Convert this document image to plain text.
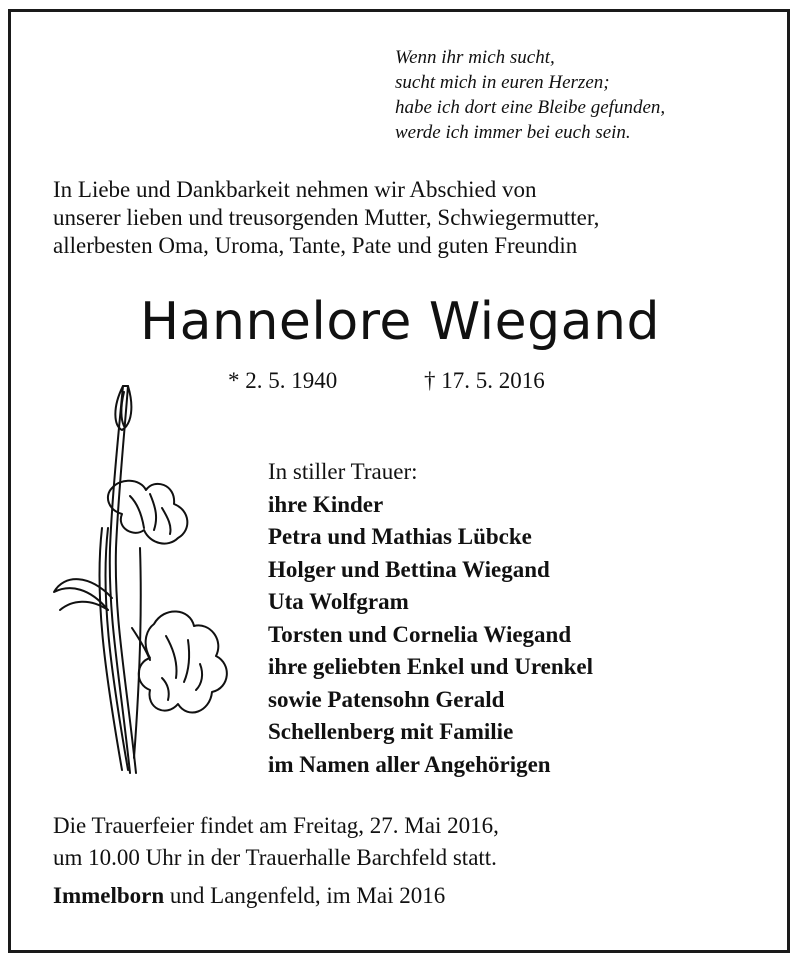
Wenn ihr mich sucht,
sucht mich in euren Herzen;
habe ich dort eine Bleibe gefunden,
werde ich immer bei euch sein.
In Liebe und Dankbarkeit nehmen wir Abschied von
unserer lieben und treusorgenden Mutter, Schwiegermutter,
allerbesten Oma, Uroma, Tante, Pate und guten Freundin
Hannelore Wiegand
* 2. 5. 1940	† 17. 5. 2016
In stiller Trauer:
ihre Kinder
Petra und Mathias Lübcke
Holger und Bettina Wiegand
Uta Wolfgram
Torsten und Cornelia Wiegand
ihre geliebten Enkel und Urenkel
sowie Patensohn Gerald
Schellenberg mit Familie
im Namen aller Angehörigen
Die Trauerfeier findet am Freitag, 27. Mai 2016,
um 10.00 Uhr in der Trauerhalle Barchfeld statt.
Immelborn und Langenfeld, im Mai 2016
